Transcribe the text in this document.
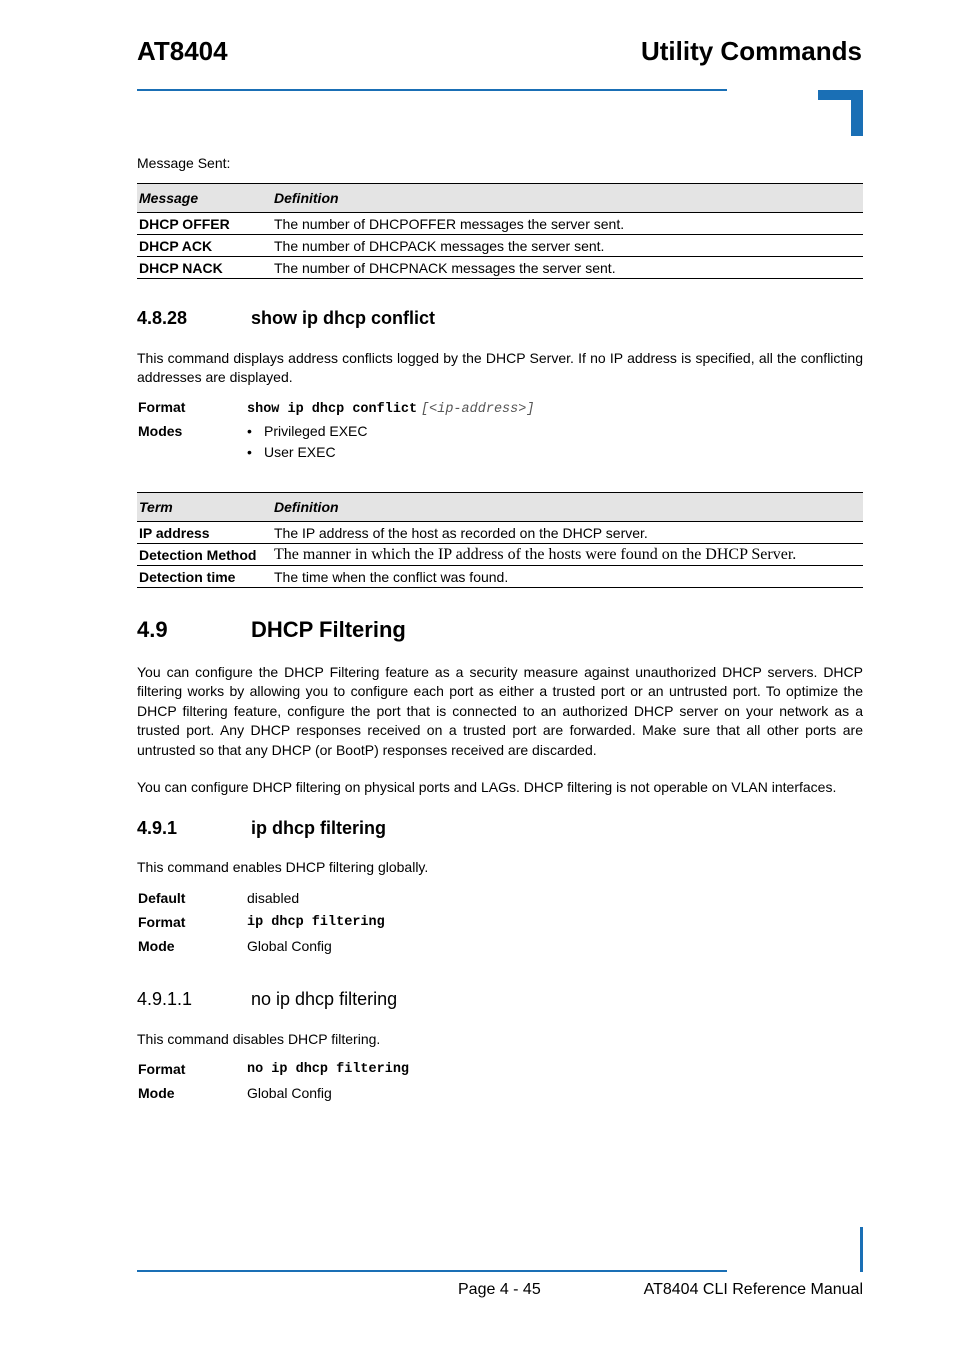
AT8404	Utility Commands
Message Sent:
Message	Definition
DHCP OFFER	The number of DHCPOFFER messages the server sent.
DHCP ACK	The number of DHCPACK messages the server sent.
DHCP NACK	The number of DHCPNACK messages the server sent.
4.8.28	show ip dhcp conflict
This command displays address conflicts logged by the DHCP Server. If no IP address is specified, all the conflicting addresses are displayed.
Format	show ip dhcp conflict [<ip-address>]
Modes	• Privileged EXEC
• User EXEC
Term	Definition
IP address	The IP address of the host as recorded on the DHCP server.
Detection Method	The manner in which the IP address of the hosts were found on the DHCP Server.
Detection time	The time when the conflict was found.
4.9	DHCP Filtering
You can configure the DHCP Filtering feature as a security measure against unauthorized DHCP servers. DHCP filtering works by allowing you to configure each port as either a trusted port or an untrusted port. To optimize the DHCP filtering feature, configure the port that is connected to an authorized DHCP server on your network as a trusted port. Any DHCP responses received on a trusted port are forwarded. Make sure that all other ports are untrusted so that any DHCP (or BootP) responses received are discarded.
You can configure DHCP filtering on physical ports and LAGs. DHCP filtering is not operable on VLAN interfaces.
4.9.1	ip dhcp filtering
This command enables DHCP filtering globally.
Default	disabled
Format	ip dhcp filtering
Mode	Global Config
4.9.1.1	no ip dhcp filtering
This command disables DHCP filtering.
Format	no ip dhcp filtering
Mode	Global Config
Page 4 - 45	AT8404 CLI Reference Manual
